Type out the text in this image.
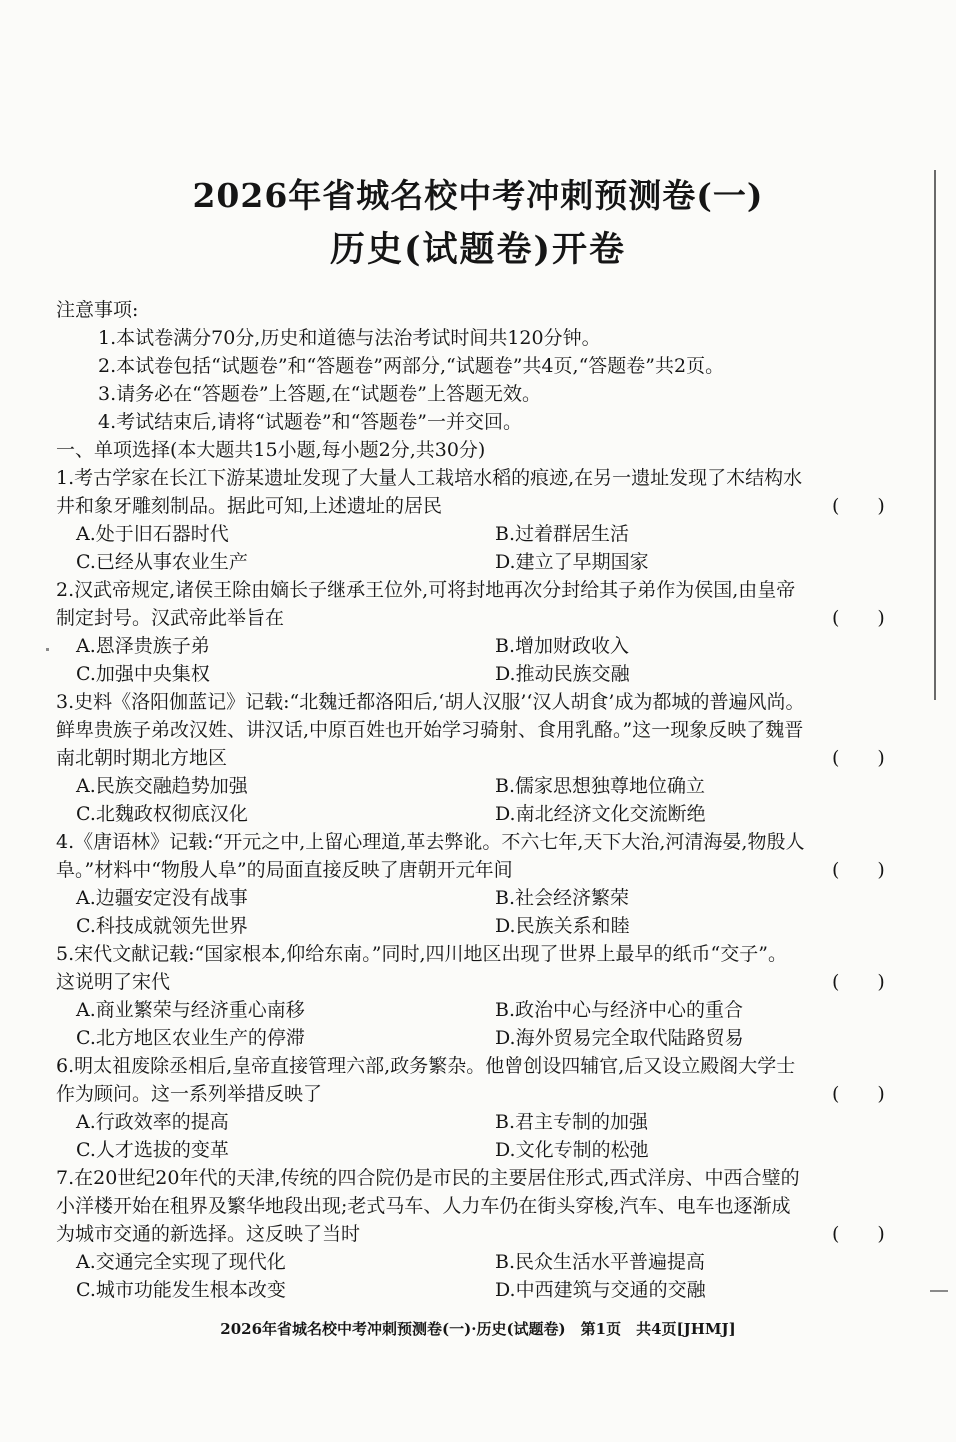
2026年省城名校中考冲刺预测卷(一)
历史(试题卷)开卷
注意事项:
1.本试卷满分70分,历史和道德与法治考试时间共120分钟。
2.本试卷包括“试题卷”和“答题卷”两部分,“试题卷”共4页,“答题卷”共2页。
3.请务必在“答题卷”上答题,在“试题卷”上答题无效。
4.考试结束后,请将“试题卷”和“答题卷”一并交回。
一、单项选择(本大题共15小题,每小题2分,共30分)
1.考古学家在长江下游某遗址发现了大量人工栽培水稻的痕迹,在另一遗址发现了木结构水
井和象牙雕刻制品。据此可知,上述遗址的居民	(　　)
A.处于旧石器时代	B.过着群居生活
C.已经从事农业生产	D.建立了早期国家
2.汉武帝规定,诸侯王除由嫡长子继承王位外,可将封地再次分封给其子弟作为侯国,由皇帝
制定封号。汉武帝此举旨在	(　　)
A.恩泽贵族子弟	B.增加财政收入
C.加强中央集权	D.推动民族交融
3.史料《洛阳伽蓝记》记载:“北魏迁都洛阳后,‘胡人汉服’‘汉人胡食’成为都城的普遍风尚。
鲜卑贵族子弟改汉姓、讲汉话,中原百姓也开始学习骑射、食用乳酪。”这一现象反映了魏晋
南北朝时期北方地区	(　　)
A.民族交融趋势加强	B.儒家思想独尊地位确立
C.北魏政权彻底汉化	D.南北经济文化交流断绝
4.《唐语林》记载:“开元之中,上留心理道,革去弊讹。不六七年,天下大治,河清海晏,物殷人
阜。”材料中“物殷人阜”的局面直接反映了唐朝开元年间	(　　)
A.边疆安定没有战事	B.社会经济繁荣
C.科技成就领先世界	D.民族关系和睦
5.宋代文献记载:“国家根本,仰给东南。”同时,四川地区出现了世界上最早的纸币“交子”。
这说明了宋代	(　　)
A.商业繁荣与经济重心南移	B.政治中心与经济中心的重合
C.北方地区农业生产的停滞	D.海外贸易完全取代陆路贸易
6.明太祖废除丞相后,皇帝直接管理六部,政务繁杂。他曾创设四辅官,后又设立殿阁大学士
作为顾问。这一系列举措反映了	(　　)
A.行政效率的提高	B.君主专制的加强
C.人才选拔的变革	D.文化专制的松弛
7.在20世纪20年代的天津,传统的四合院仍是市民的主要居住形式,西式洋房、中西合璧的
小洋楼开始在租界及繁华地段出现;老式马车、人力车仍在街头穿梭,汽车、电车也逐渐成
为城市交通的新选择。这反映了当时	(　　)
A.交通完全实现了现代化	B.民众生活水平普遍提高
C.城市功能发生根本改变	D.中西建筑与交通的交融
2026年省城名校中考冲刺预测卷(一)·历史(试题卷)　第1页　共4页[JHMJ]
